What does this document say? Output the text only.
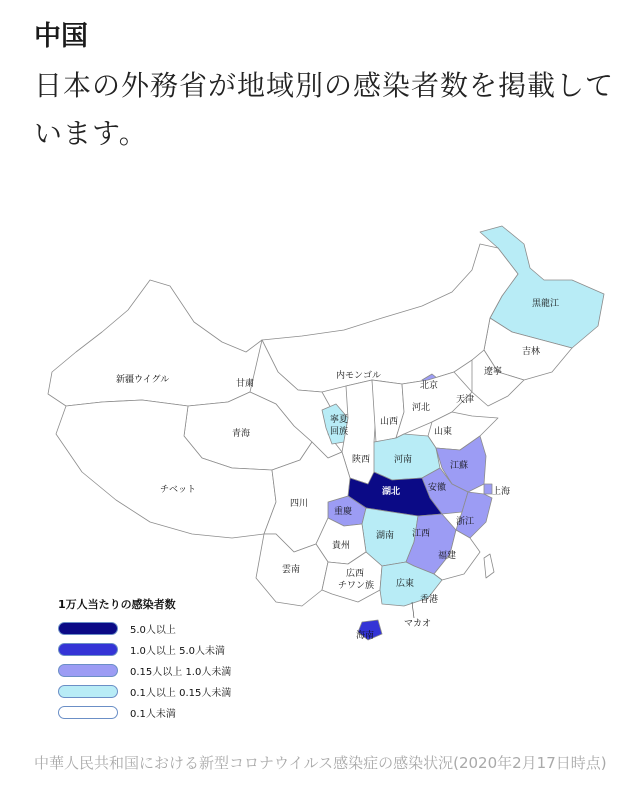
中国
日本の外務省が地域別の感染者数を掲載しています。
黒龍江
吉林
遼寧
内モンゴル
新疆ウイグル	甘粛	北京
天津
河北
寧夏
回族
山西
山東
青海
陝西	河南
江蘇
チベット	湖北	安徽	上海
四川
重慶
浙江
湖南 江西
貴州
福建
雲南	広西
チワン族 広東
香港
マカオ
海南
1万人当たりの感染者数
5.0人以上
1.0人以上 5.0人未満
0.15人以上 1.0人未満
0.1人以上 0.15人未満
0.1人未満
中華人民共和国における新型コロナウイルス感染症の感染状況(2020年2月17日時点)
